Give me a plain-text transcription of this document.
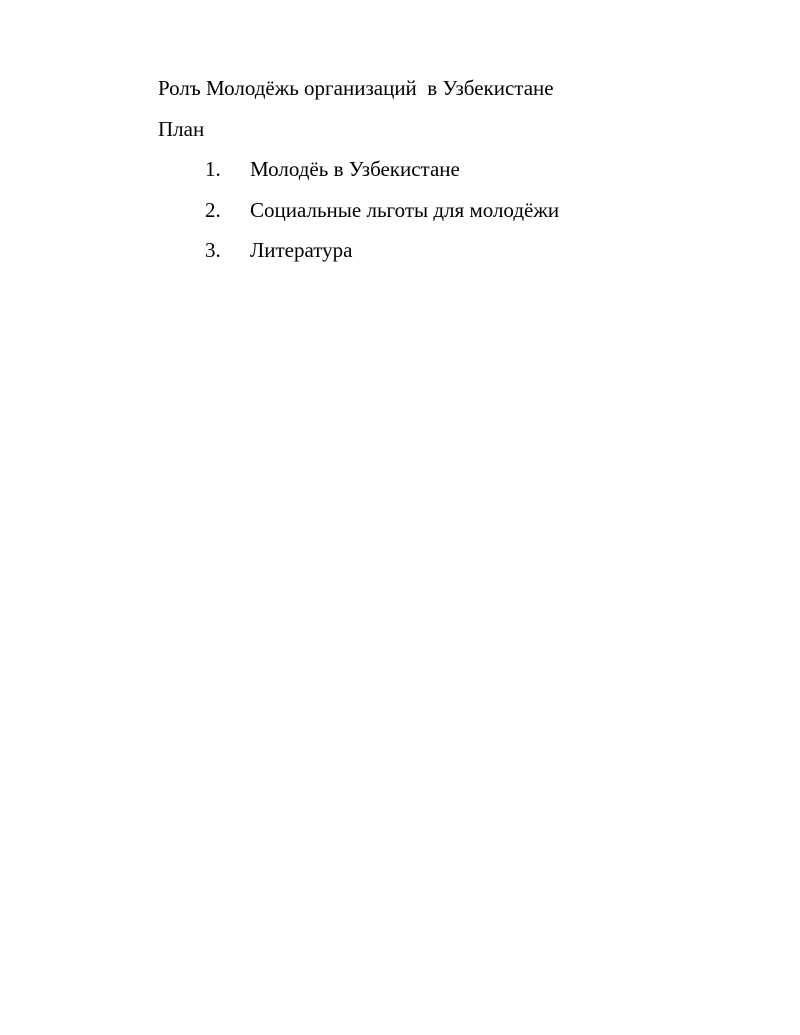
Ролъ Молодёжь организаций  в Узбекистане
План
1. Молодёь в Узбекистане
2. Социальные льготы для молодёжи
3. Литература
